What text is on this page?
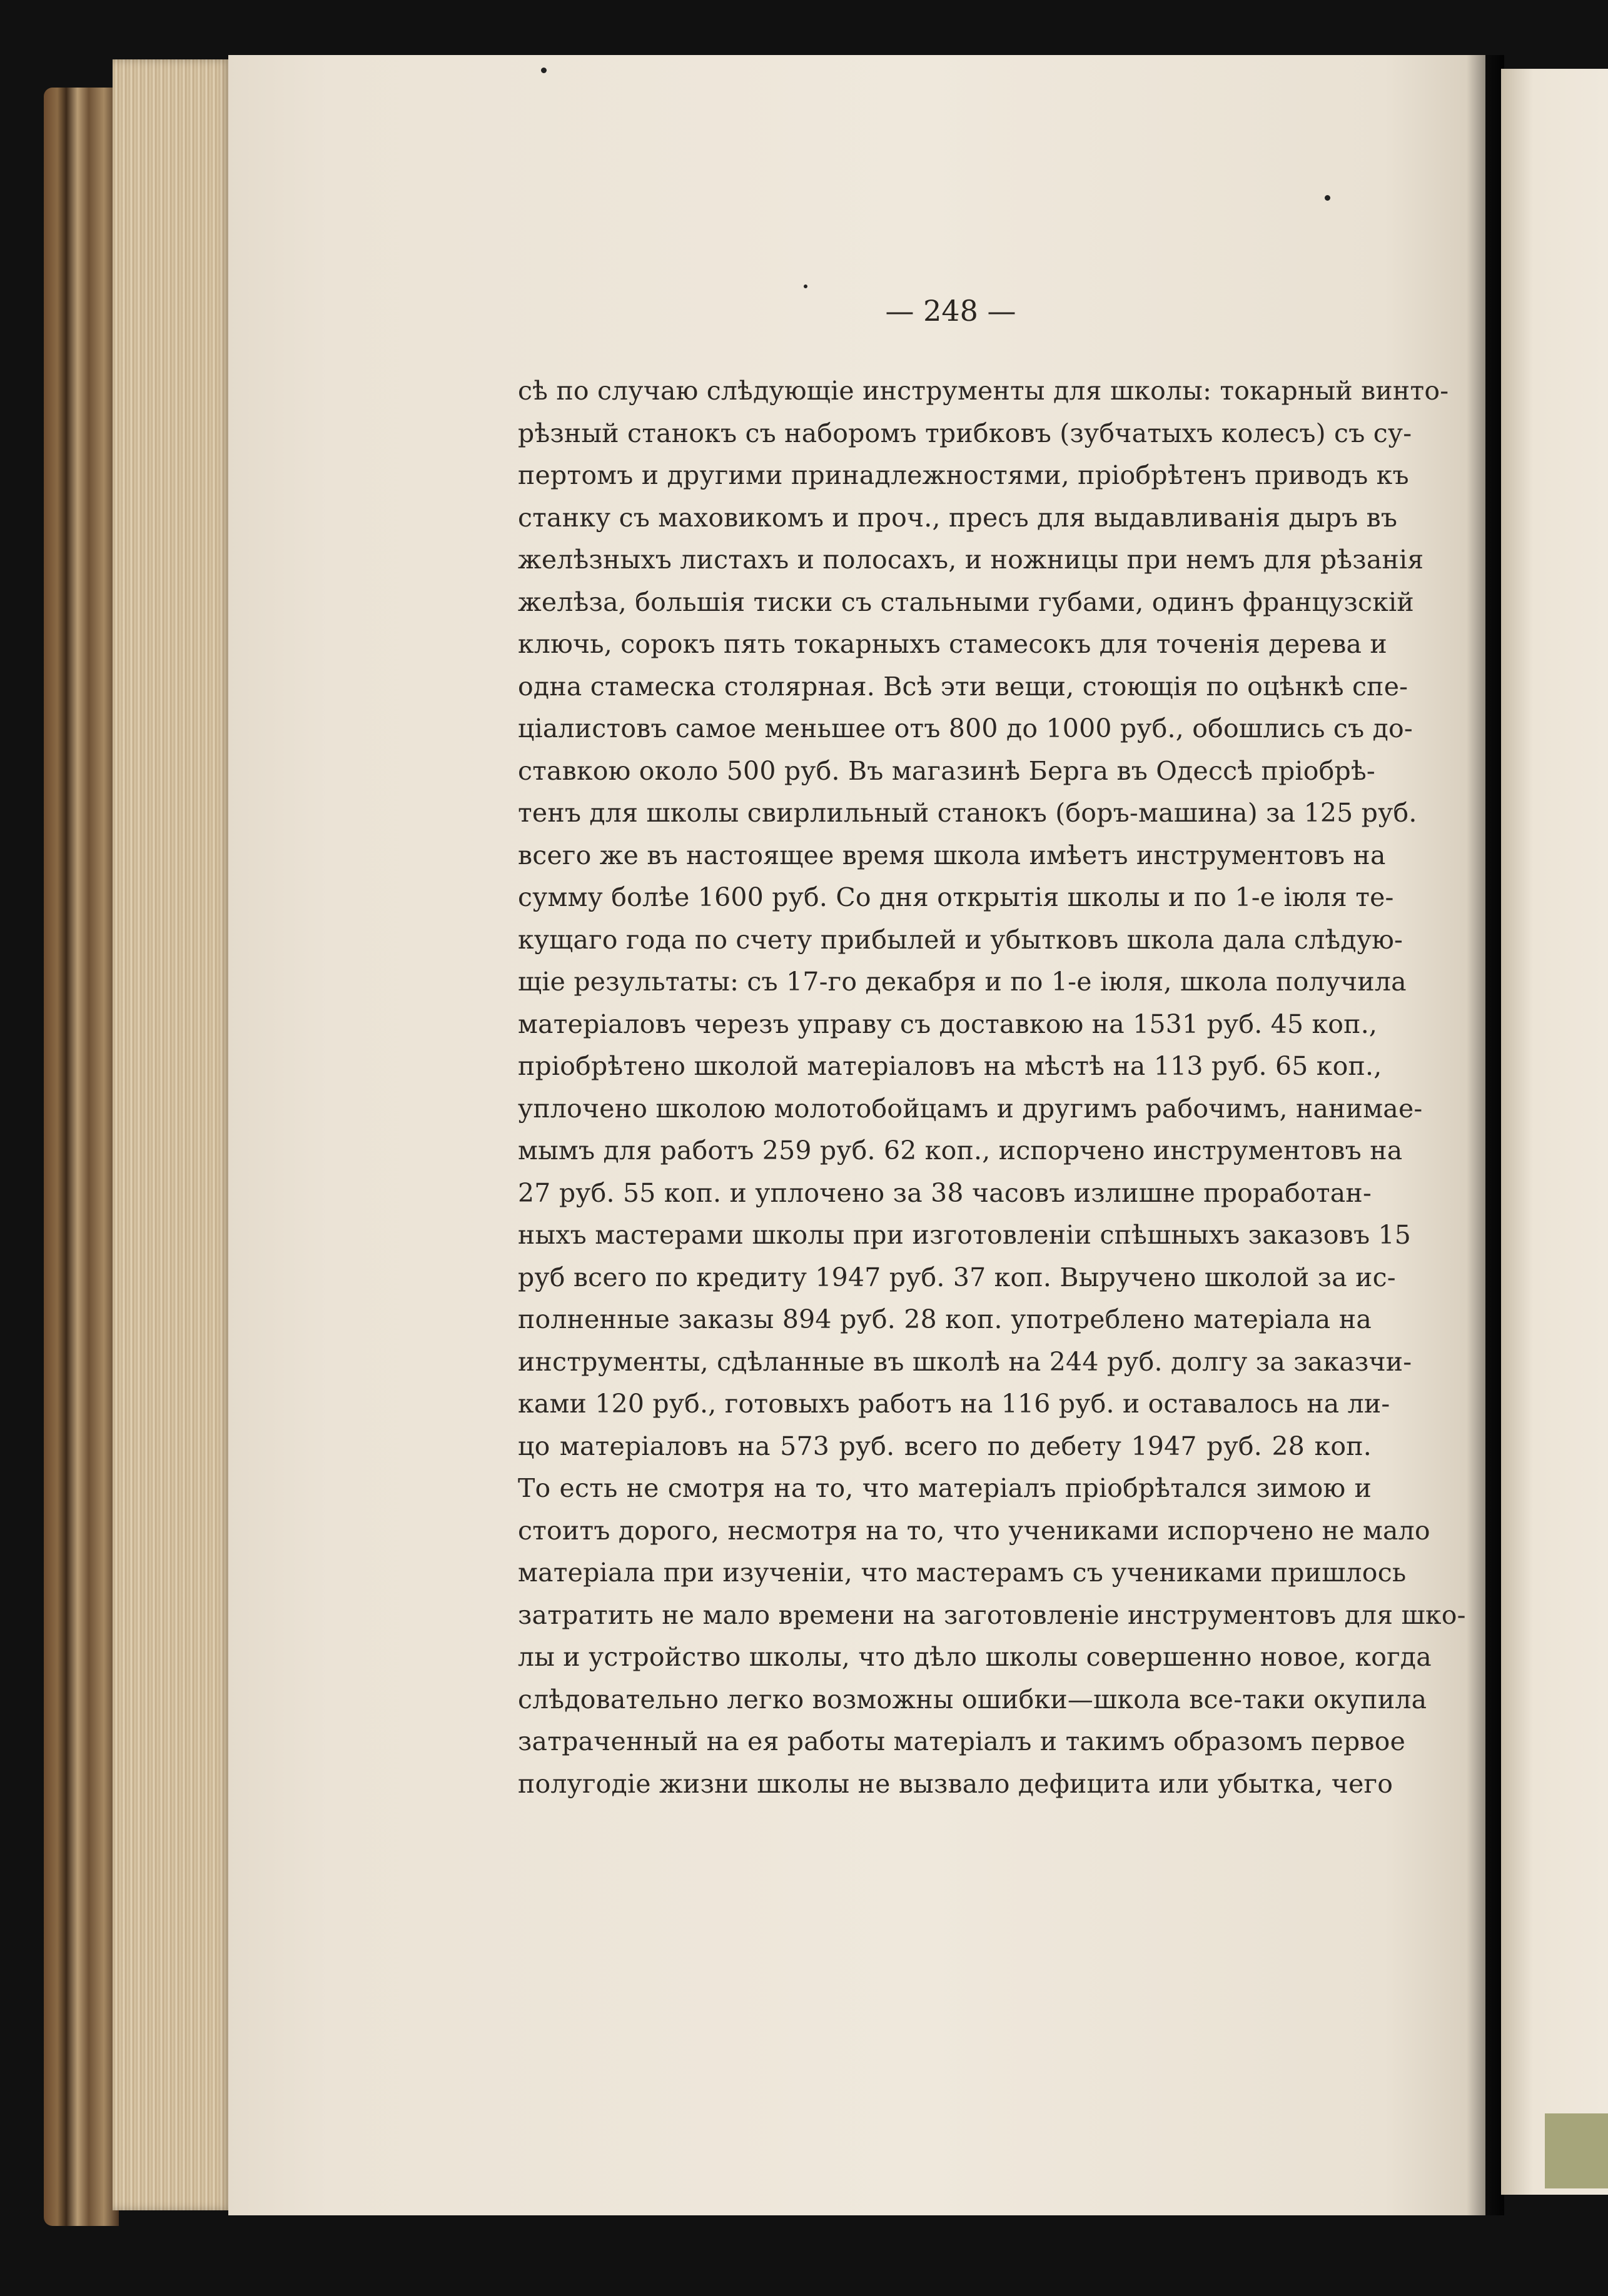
— 248 —
сѣ по случаю слѣдующіе инструменты для школы: токарный винто-
рѣзный станокъ съ наборомъ трибковъ (зубчатыхъ колесъ) съ су-
пертомъ и другими принадлежностями, пріобрѣтенъ приводъ къ
станку съ маховикомъ и проч., пресъ для выдавливанія дыръ въ
желѣзныхъ листахъ и полосахъ, и ножницы при немъ для рѣзанія
желѣза, большія тиски съ стальными губами, одинъ французскій
ключь, сорокъ пять токарныхъ стамесокъ для точенія дерева и
одна стамеска столярная. Всѣ эти вещи, стоющія по оцѣнкѣ спе-
ціалистовъ самое меньшее отъ 800 до 1000 руб., обошлись съ до-
ставкою около 500 руб. Въ магазинѣ Берга въ Одессѣ пріобрѣ-
тенъ для школы свирлильный станокъ (боръ-машина) за 125 руб.
всего же въ настоящее время школа имѣетъ инструментовъ на
сумму болѣе 1600 руб. Со дня открытія школы и по 1-е іюля те-
кущаго года по счету прибылей и убытковъ школа дала слѣдую-
щіе результаты: съ 17-го декабря и по 1-е іюля, школа получила
матеріаловъ черезъ управу съ доставкою на 1531 руб. 45 коп.,
пріобрѣтено школой матеріаловъ на мѣстѣ на 113 руб. 65 коп.,
уплочено школою молотобойцамъ и другимъ рабочимъ, нанимае-
мымъ для работъ 259 руб. 62 коп., испорчено инструментовъ на
27 руб. 55 коп. и уплочено за 38 часовъ излишне проработан-
ныхъ мастерами школы при изготовленіи спѣшныхъ заказовъ 15
руб всего по кредиту 1947 руб. 37 коп. Выручено школой за ис-
полненные заказы 894 руб. 28 коп. употреблено матеріала на
инструменты, сдѣланные въ школѣ на 244 руб. долгу за заказчи-
ками 120 руб., готовыхъ работъ на 116 руб. и оставалось на ли-
цо матеріаловъ на 573 руб. всего по дебету 1947 руб. 28 коп.
То есть не смотря на то, что матеріалъ пріобрѣтался зимою и
стоитъ дорого, несмотря на то, что учениками испорчено не мало
матеріала при изученіи, что мастерамъ съ учениками пришлось
затратить не мало времени на заготовленіе инструментовъ для шко-
лы и устройство школы, что дѣло школы совершенно новое, когда
слѣдовательно легко возможны ошибки—школа все-таки окупила
затраченный на ея работы матеріалъ и такимъ образомъ первое
полугодіе жизни школы не вызвало дефицита или убытка, чего
